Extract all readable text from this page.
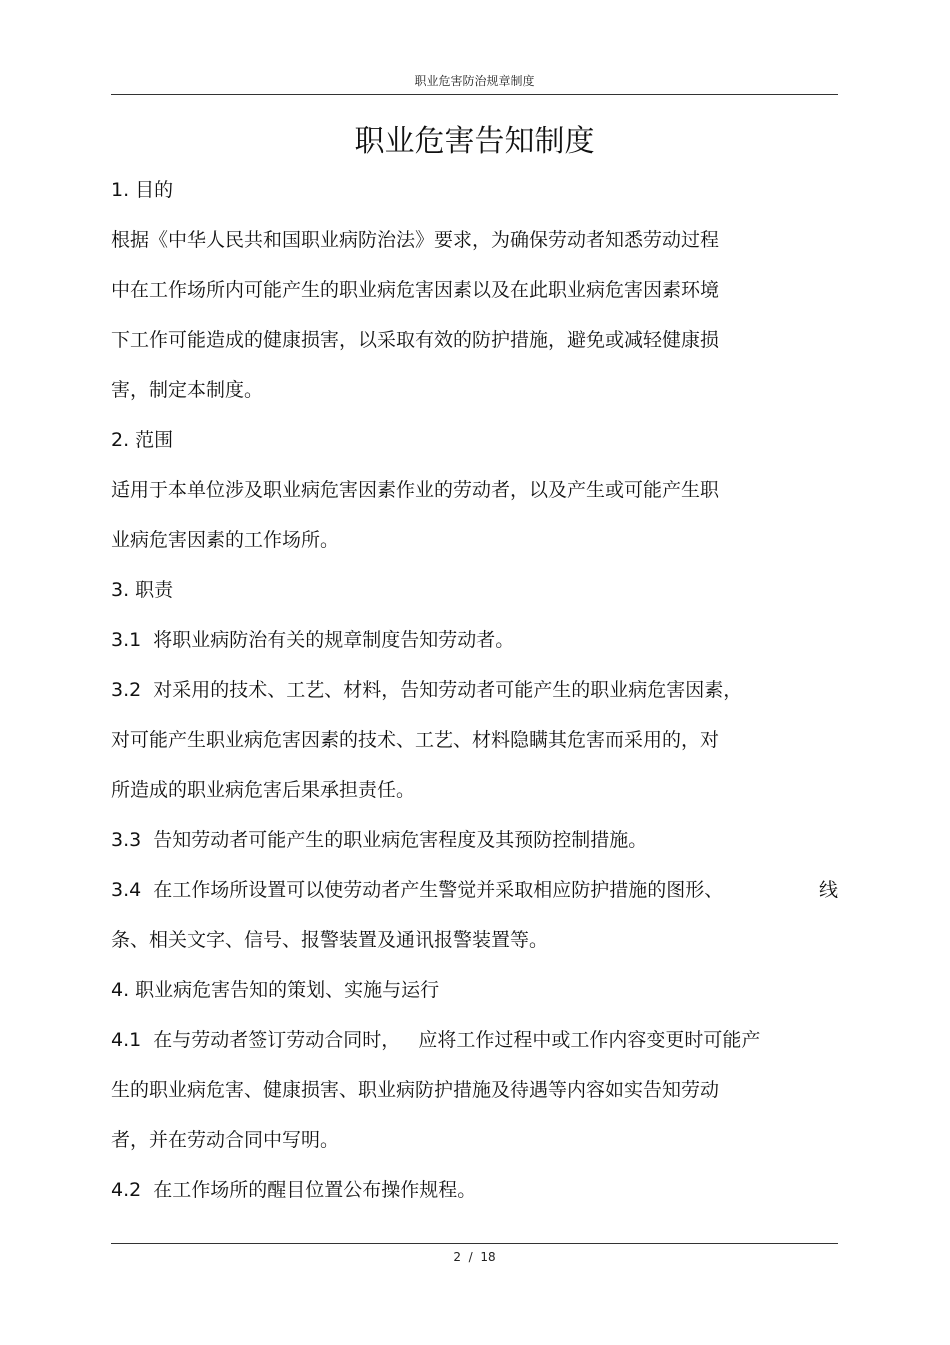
职业危害防治规章制度
职业危害告知制度
1. 目的
根据《中华人民共和国职业病防治法》要求，为确保劳动者知悉劳动过程
中在工作场所内可能产生的职业病危害因素以及在此职业病危害因素环境
下工作可能造成的健康损害，以采取有效的防护措施，避免或减轻健康损
害，制定本制度。
2. 范围
适用于本单位涉及职业病危害因素作业的劳动者，以及产生或可能产生职
业病危害因素的工作场所。
3. 职责
3.1  将职业病防治有关的规章制度告知劳动者。
3.2  对采用的技术、工艺、材料，告知劳动者可能产生的职业病危害因素，
对可能产生职业病危害因素的技术、工艺、材料隐瞒其危害而采用的，对
所造成的职业病危害后果承担责任。
3.3  告知劳动者可能产生的职业病危害程度及其预防控制措施。
3.4  在工作场所设置可以使劳动者产生警觉并采取相应防护措施的图形、	线
条、相关文字、信号、报警装置及通讯报警装置等。
4. 职业病危害告知的策划、实施与运行
4.1  在与劳动者签订劳动合同时，   应将工作过程中或工作内容变更时可能产
生的职业病危害、健康损害、职业病防护措施及待遇等内容如实告知劳动
者，并在劳动合同中写明。
4.2  在工作场所的醒目位置公布操作规程。
2  /  18
